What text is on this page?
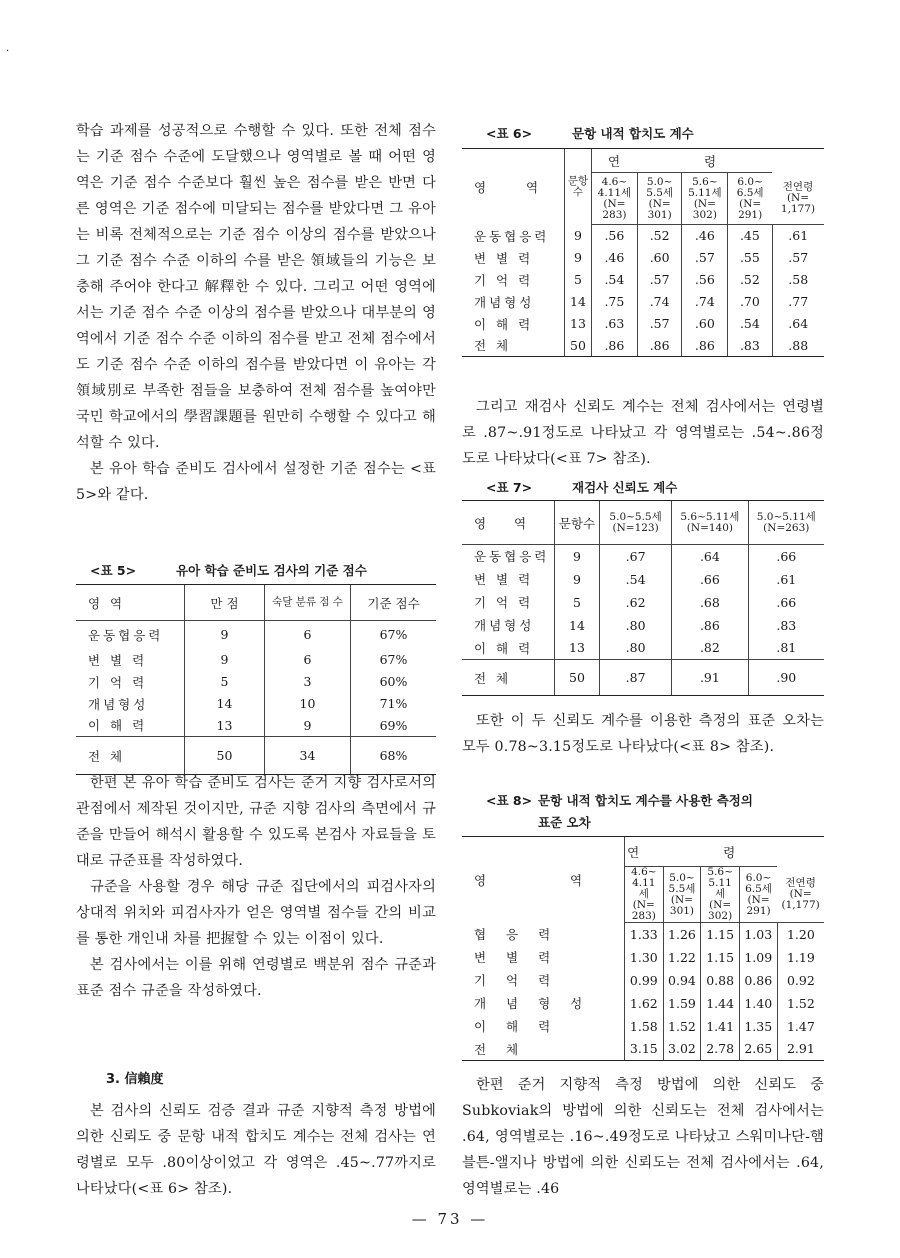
·

학습 과제를 성공적으로 수행할 수 있다. 또한 전체 점수는 기준 점수 수준에 도달했으나 영역별로 볼 때 어떤 영역은 기준 점수 수준보다 훨씬 높은 점수를 받은 반면 다른 영역은 기준 점수에 미달되는 점수를 받았다면 그 유아는 비록 전체적으로는 기준 점수 이상의 점수를 받았으나 그 기준 점수 수준 이하의 수를 받은 領域들의 기능은 보충해 주어야 한다고 解釋한 수 있다. 그리고 어떤 영역에서는 기준 점수 수준 이상의 점수를 받았으나 대부분의 영역에서 기준 점수 수준 이하의 점수를 받고 전체 점수에서도 기준 점수 수준 이하의 점수를 받았다면 이 유아는 각 領域別로 부족한 점들을 보충하여 전체 점수를 높여야만 국민 학교에서의 學習課題를 원만히 수행할 수 있다고 해석할 수 있다.

본 유아 학습 준비도 검사에서 설정한 기준 점수는 <표 5>와 같다.

<표 5>	유아 학습 준비도 검사의 기준 점수
영 역	만 점	숙달 분류 점 수	기준 점수
운동협응력	9	6	67%
변 별 력	9	6	67%
기 억 력	5	3	60%
개념형성	14	10	71%
이 해 력	13	9	69%
전 체	50	34	68%

한편 본 유아 학습 준비도 검사는 준거 지향 검사로서의 관점에서 제작된 것이지만, 규준 지향 검사의 측면에서 규준을 만들어 해석시 활용할 수 있도록 본검사 자료들을 토대로 규준표를 작성하였다.

규준을 사용할 경우 해당 규준 집단에서의 피검사자의 상대적 위치와 피검사자가 얻은 영역별 점수들 간의 비교를 통한 개인내 차를 把握할 수 있는 이점이 있다.

본 검사에서는 이를 위해 연령별로 백분위 점수 규준과 표준 점수 규준을 작성하였다.

3. 信賴度

본 검사의 신뢰도 검증 결과 규준 지향적 측정 방법에 의한 신뢰도 중 문항 내적 합치도 계수는 전체 검사는 연령별로 모두 .80이상이었고 각 영역은 .45~.77까지로 나타났다(<표 6> 참조).

<표 6>	문항 내적 합치도 계수
영 역	문항수	연 령				
		4.6~ 4.11세 (N= 283)	5.0~ 5.5세 (N= 301)	5.6~ 5.11세 (N= 302)	6.0~ 6.5세 (N= 291)	전연령 (N= 1,177)
운동협응력	9	.56	.52	.46	.45	.61
변 별 력	9	.46	.60	.57	.55	.57
기 억 력	5	.54	.57	.56	.52	.58
개념형성	14	.75	.74	.74	.70	.77
이 해 력	13	.63	.57	.60	.54	.64
전 체	50	.86	.86	.86	.83	.88

그리고 재검사 신뢰도 계수는 전체 검사에서는 연령별로 .87~.91정도로 나타났고 각 영역별로는 .54~.86정도로 나타났다(<표 7> 참조).

<표 7>	재검사 신뢰도 계수
영 역	문항수	5.0~5.5세 (N=123)	5.6~5.11세 (N=140)	5.0~5.11세 (N=263)
운동협응력	9	.67	.64	.66
변 별 력	9	.54	.66	.61
기 억 력	5	.62	.68	.66
개념형성	14	.80	.86	.83
이 해 력	13	.80	.82	.81
전 체	50	.87	.91	.90

또한 이 두 신뢰도 계수를 이용한 측정의 표준 오차는 모두 0.78~3.15정도로 나타났다(<표 8> 참조).

<표 8> 문항 내적 합치도 계수를 사용한 측정의
표준 오차
영 역	연 령				
	4.6~ 4.11세 (N= 283)	5.0~ 5.5세 (N= 301)	5.6~ 5.11세 (N= 302)	6.0~ 6.5세 (N= 291)	전연령 (N= (1,177)
협 응 력	1.33	1.26	1.15	1.03	1.20
변 별 력	1.30	1.22	1.15	1.09	1.19
기 억 력	0.99	0.94	0.88	0.86	0.92
개 념 형 성	1.62	1.59	1.44	1.40	1.52
이 해 력	1.58	1.52	1.41	1.35	1.47
전 체	3.15	3.02	2.78	2.65	2.91

한편 준거 지향적 측정 방법에 의한 신뢰도 중 Subkoviak의 방법에 의한 신뢰도는 전체 검사에서는 .64, 영역별로는 .16~.49정도로 나타났고 스워미나단-햄블튼-앨지나 방법에 의한 신뢰도는 전체 검사에서는 .64, 영역별로는 .46

— 73 —
